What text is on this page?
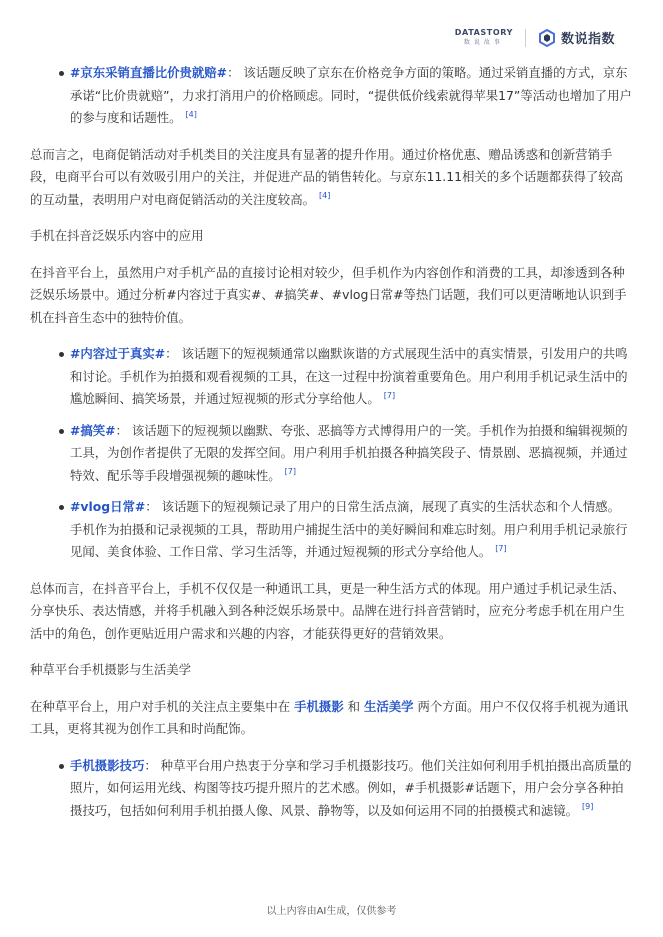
DATASTORY
数说故事	数说指数
#京东采销直播比价贵就赔#： 该话题反映了京东在价格竞争方面的策略。通过采销直播的方式，京东承诺“比价贵就赔”，力求打消用户的价格顾虑。同时，“提供低价线索就得苹果17”等活动也增加了用户的参与度和话题性。 [4]

总而言之，电商促销活动对手机类目的关注度具有显著的提升作用。通过价格优惠、赠品诱惑和创新营销手段，电商平台可以有效吸引用户的关注，并促进产品的销售转化。与京东11.11相关的多个话题都获得了较高的互动量，表明用户对电商促销活动的关注度较高。 [4]

手机在抖音泛娱乐内容中的应用

在抖音平台上，虽然用户对手机产品的直接讨论相对较少，但手机作为内容创作和消费的工具，却渗透到各种泛娱乐场景中。通过分析#内容过于真实#、#搞笑#、#vlog日常#等热门话题，我们可以更清晰地认识到手机在抖音生态中的独特价值。

#内容过于真实#： 该话题下的短视频通常以幽默诙谐的方式展现生活中的真实情景，引发用户的共鸣和讨论。手机作为拍摄和观看视频的工具，在这一过程中扮演着重要角色。用户利用手机记录生活中的尴尬瞬间、搞笑场景，并通过短视频的形式分享给他人。 [7]
#搞笑#： 该话题下的短视频以幽默、夸张、恶搞等方式博得用户的一笑。手机作为拍摄和编辑视频的工具，为创作者提供了无限的发挥空间。用户利用手机拍摄各种搞笑段子、情景剧、恶搞视频，并通过特效、配乐等手段增强视频的趣味性。 [7]
#vlog日常#： 该话题下的短视频记录了用户的日常生活点滴，展现了真实的生活状态和个人情感。手机作为拍摄和记录视频的工具，帮助用户捕捉生活中的美好瞬间和难忘时刻。用户利用手机记录旅行见闻、美食体验、工作日常、学习生活等，并通过短视频的形式分享给他人。 [7]

总体而言，在抖音平台上，手机不仅仅是一种通讯工具，更是一种生活方式的体现。用户通过手机记录生活、分享快乐、表达情感，并将手机融入到各种泛娱乐场景中。品牌在进行抖音营销时，应充分考虑手机在用户生活中的角色，创作更贴近用户需求和兴趣的内容，才能获得更好的营销效果。

种草平台手机摄影与生活美学

在种草平台上，用户对手机的关注点主要集中在 手机摄影 和 生活美学 两个方面。用户不仅仅将手机视为通讯工具，更将其视为创作工具和时尚配饰。

手机摄影技巧： 种草平台用户热衷于分享和学习手机摄影技巧。他们关注如何利用手机拍摄出高质量的照片，如何运用光线、构图等技巧提升照片的艺术感。例如，#手机摄影#话题下，用户会分享各种拍摄技巧，包括如何利用手机拍摄人像、风景、静物等，以及如何运用不同的拍摄模式和滤镜。 [9]
以上内容由AI生成，仅供参考
